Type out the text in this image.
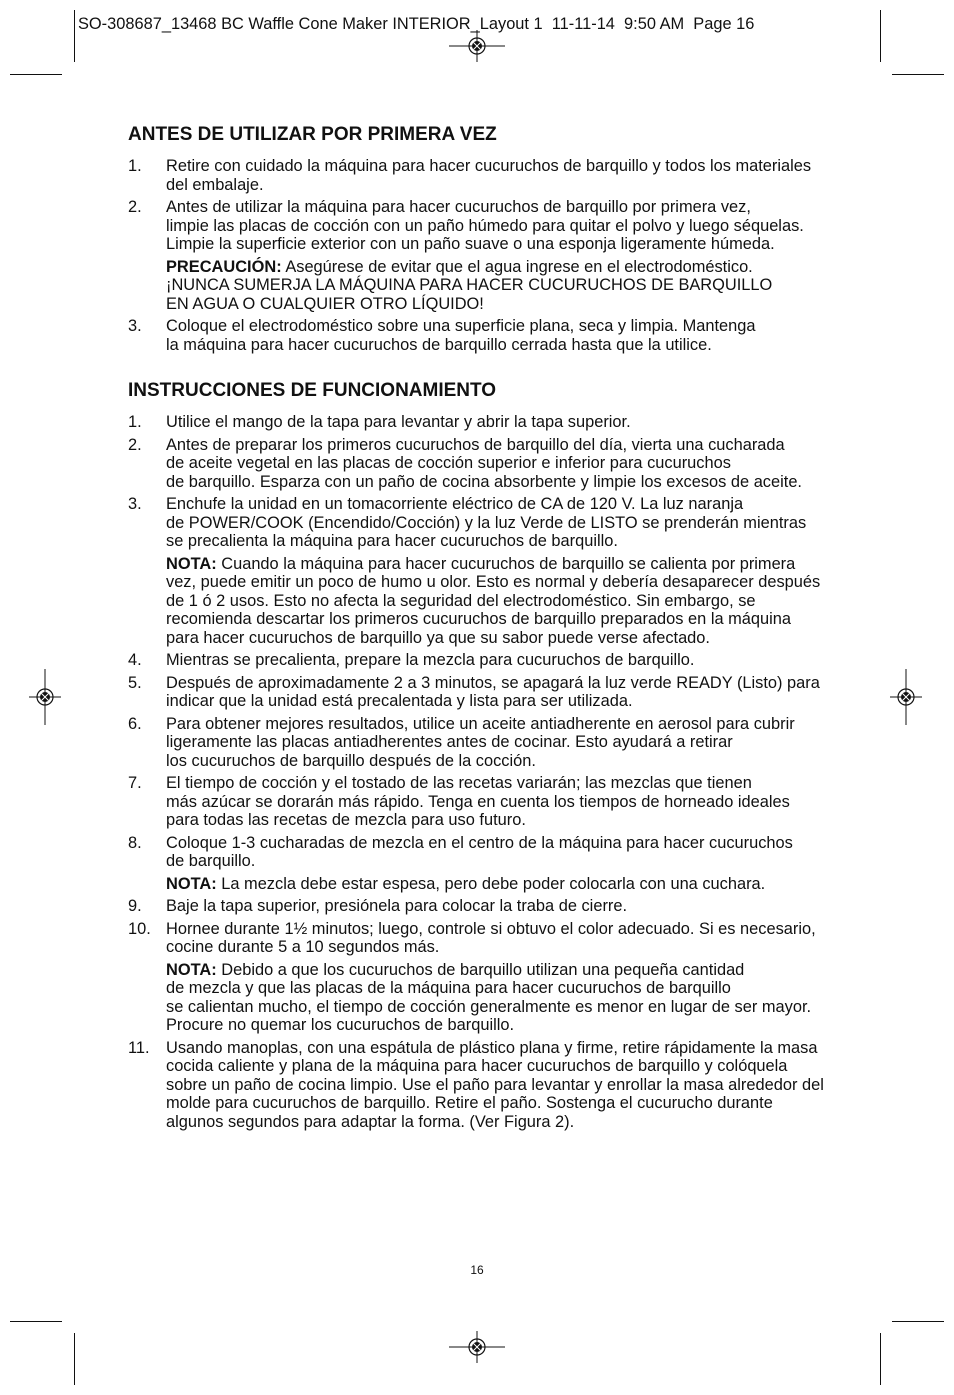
SO-308687_13468 BC Waffle Cone Maker INTERIOR_Layout 1  11-11-14  9:50 AM  Page 16
ANTES DE UTILIZAR POR PRIMERA VEZ
1.	Retire con cuidado la máquina para hacer cucuruchos de barquillo y todos los materiales
del embalaje.
2.	Antes de utilizar la máquina para hacer cucuruchos de barquillo por primera vez,
limpie las placas de cocción con un paño húmedo para quitar el polvo y luego séquelas.
Limpie la superficie exterior con un paño suave o una esponja ligeramente húmeda.
PRECAUCIÓN: Asegúrese de evitar que el agua ingrese en el electrodoméstico.
¡NUNCA SUMERJA LA MÁQUINA PARA HACER CUCURUCHOS DE BARQUILLO
EN AGUA O CUALQUIER OTRO LÍQUIDO!
3.	Coloque el electrodoméstico sobre una superficie plana, seca y limpia. Mantenga
la máquina para hacer cucuruchos de barquillo cerrada hasta que la utilice.
INSTRUCCIONES DE FUNCIONAMIENTO
1.	Utilice el mango de la tapa para levantar y abrir la tapa superior.
2.	Antes de preparar los primeros cucuruchos de barquillo del día, vierta una cucharada
de aceite vegetal en las placas de cocción superior e inferior para cucuruchos
de barquillo. Esparza con un paño de cocina absorbente y limpie los excesos de aceite.
3.	Enchufe la unidad en un tomacorriente eléctrico de CA de 120 V. La luz naranja
de POWER/COOK (Encendido/Cocción) y la luz Verde de LISTO se prenderán mientras
se precalienta la máquina para hacer cucuruchos de barquillo.
NOTA: Cuando la máquina para hacer cucuruchos de barquillo se calienta por primera
vez, puede emitir un poco de humo u olor. Esto es normal y debería desaparecer después
de 1 ó 2 usos. Esto no afecta la seguridad del electrodoméstico. Sin embargo, se
recomienda descartar los primeros cucuruchos de barquillo preparados en la máquina
para hacer cucuruchos de barquillo ya que su sabor puede verse afectado.
4.	Mientras se precalienta, prepare la mezcla para cucuruchos de barquillo.
5.	Después de aproximadamente 2 a 3 minutos, se apagará la luz verde READY (Listo) para
indicar que la unidad está precalentada y lista para ser utilizada.
6.	Para obtener mejores resultados, utilice un aceite antiadherente en aerosol para cubrir
ligeramente las placas antiadherentes antes de cocinar. Esto ayudará a retirar
los cucuruchos de barquillo después de la cocción.
7.	El tiempo de cocción y el tostado de las recetas variarán; las mezclas que tienen
más azúcar se dorarán más rápido. Tenga en cuenta los tiempos de horneado ideales
para todas las recetas de mezcla para uso futuro.
8.	Coloque 1-3 cucharadas de mezcla en el centro de la máquina para hacer cucuruchos
de barquillo.
NOTA: La mezcla debe estar espesa, pero debe poder colocarla con una cuchara.
9.	Baje la tapa superior, presiónela para colocar la traba de cierre.
10. Hornee durante 1½ minutos; luego, controle si obtuvo el color adecuado. Si es necesario,
cocine durante 5 a 10 segundos más.
NOTA: Debido a que los cucuruchos de barquillo utilizan una pequeña cantidad
de mezcla y que las placas de la máquina para hacer cucuruchos de barquillo
se calientan mucho, el tiempo de cocción generalmente es menor en lugar de ser mayor.
Procure no quemar los cucuruchos de barquillo.
11.	Usando manoplas, con una espátula de plástico plana y firme, retire rápidamente la masa
cocida caliente y plana de la máquina para hacer cucuruchos de barquillo y colóquela
sobre un paño de cocina limpio. Use el paño para levantar y enrollar la masa alrededor del
molde para cucuruchos de barquillo. Retire el paño. Sostenga el cucurucho durante
algunos segundos para adaptar la forma. (Ver Figura 2).
16
